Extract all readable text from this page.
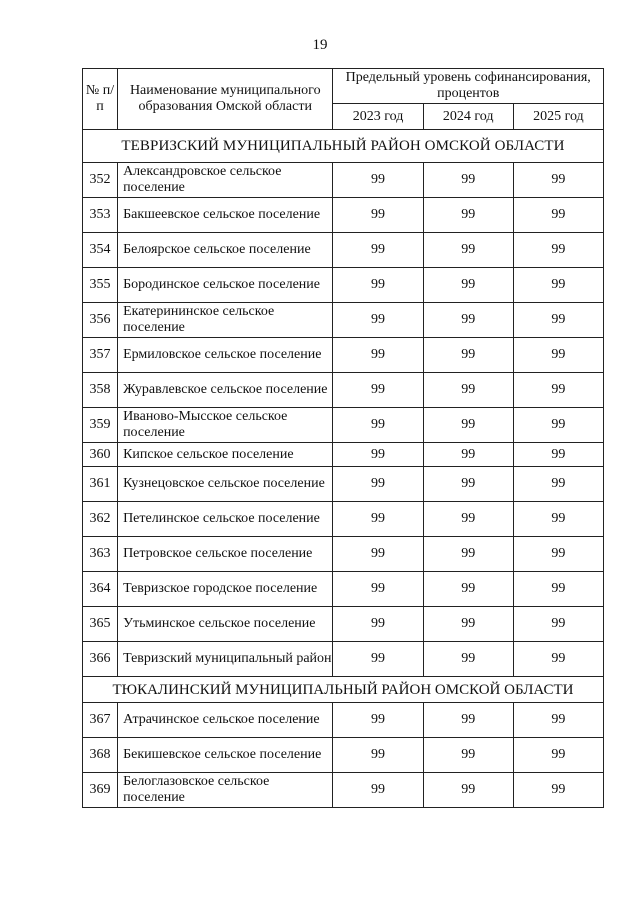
19
№ п/п	Наименование муниципального образования Омской области	Предельный уровень софинансирования, процентов		
		2023 год	2024 год	2025 год
ТЕВРИЗСКИЙ МУНИЦИПАЛЬНЫЙ РАЙОН ОМСКОЙ ОБЛАСТИ				
352	Александровское сельское поселение	99	99	99
353	Бакшеевское сельское поселение	99	99	99
354	Белоярское сельское поселение	99	99	99
355	Бородинское сельское поселение	99	99	99
356	Екатерининское сельское поселение	99	99	99
357	Ермиловское сельское поселение	99	99	99
358	Журавлевское сельское поселение	99	99	99
359	Иваново-Мысское сельское поселение	99	99	99
360	Кипское сельское поселение	99	99	99
361	Кузнецовское сельское поселение	99	99	99
362	Петелинское сельское поселение	99	99	99
363	Петровское сельское поселение	99	99	99
364	Тевризское городское поселение	99	99	99
365	Утьминское сельское поселение	99	99	99
366	Тевризский муниципальный район	99	99	99
ТЮКАЛИНСКИЙ МУНИЦИПАЛЬНЫЙ РАЙОН ОМСКОЙ ОБЛАСТИ				
367	Атрачинское сельское поселение	99	99	99
368	Бекишевское сельское поселение	99	99	99
369	Белоглазовское сельское поселение	99	99	99
